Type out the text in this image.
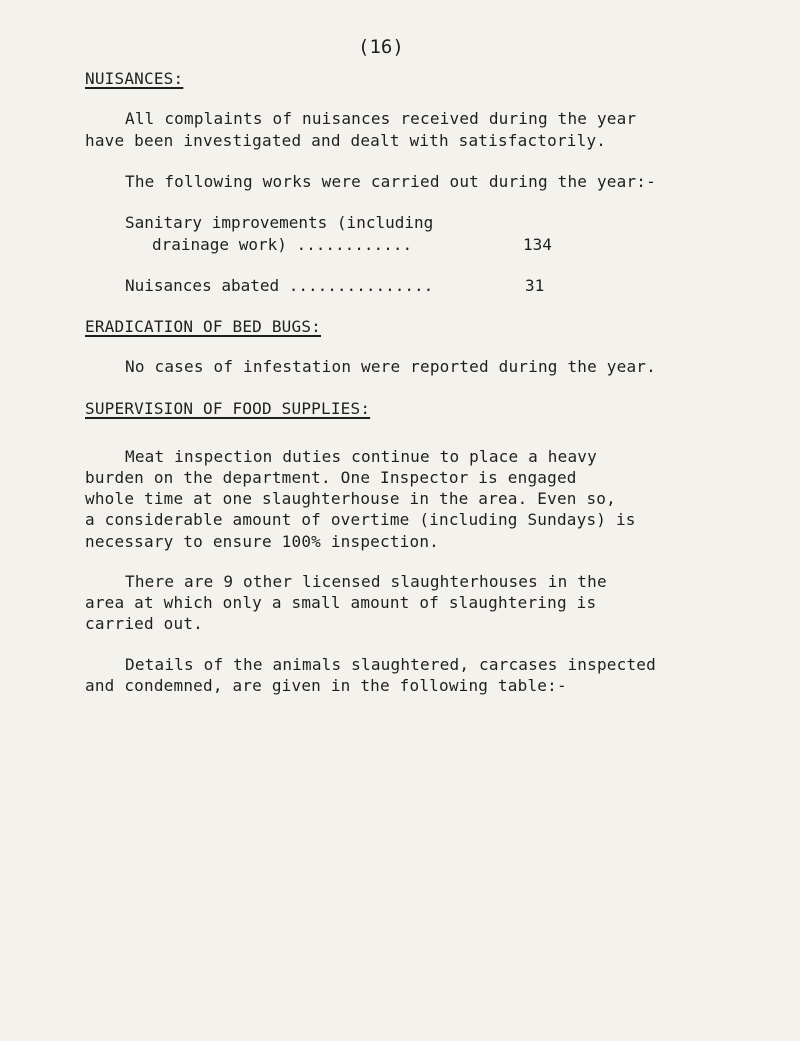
(16)
NUISANCES:
All complaints of nuisances received during the year
have been investigated and dealt with satisfactorily.
The following works were carried out during the year:-
Sanitary improvements (including
drainage work) ............	134
Nuisances abated ...............	31
ERADICATION OF BED BUGS:
No cases of infestation were reported during the year.
SUPERVISION OF FOOD SUPPLIES:
Meat inspection duties continue to place a heavy
burden on the department. One Inspector is engaged
whole time at one slaughterhouse in the area. Even so,
a considerable amount of overtime (including Sundays) is
necessary to ensure 100% inspection.
There are 9 other licensed slaughterhouses in the
area at which only a small amount of slaughtering is
carried out.
Details of the animals slaughtered, carcases inspected
and condemned, are given in the following table:-
